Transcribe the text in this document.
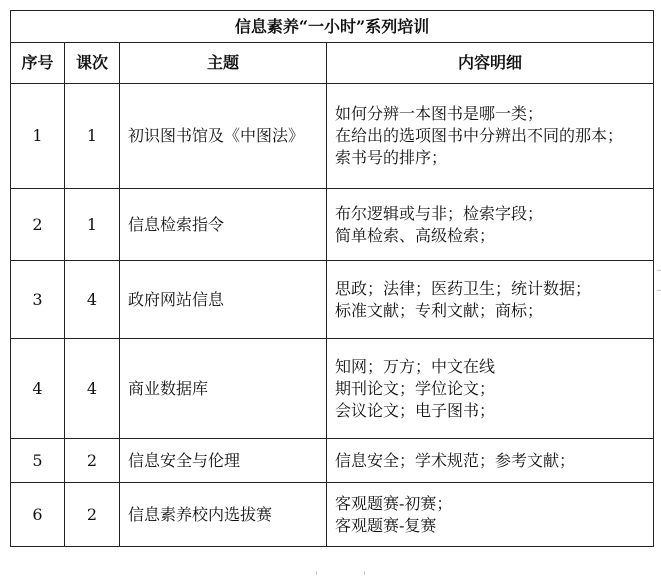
信息素养“一小时”系列培训			
序号	课次	主题	内容明细
1	1	初识图书馆及《中图法》	如何分辨一本图书是哪一类；
在给出的选项图书中分辨出不同的那本；
索书号的排序；

2	1	信息检索指令	布尔逻辑或与非；检索字段；
简单检索、高级检索；

3	4	政府网站信息	思政；法律；医药卫生；统计数据；
标准文献；专利文献；商标；

4	4	商业数据库	知网；万方；中文在线
期刊论文；学位论文；
会议论文；电子图书；

5	2	信息安全与伦理	信息安全；学术规范；参考文献；

6	2	信息素养校内选拔赛	客观题赛-初赛；
客观题赛-复赛
